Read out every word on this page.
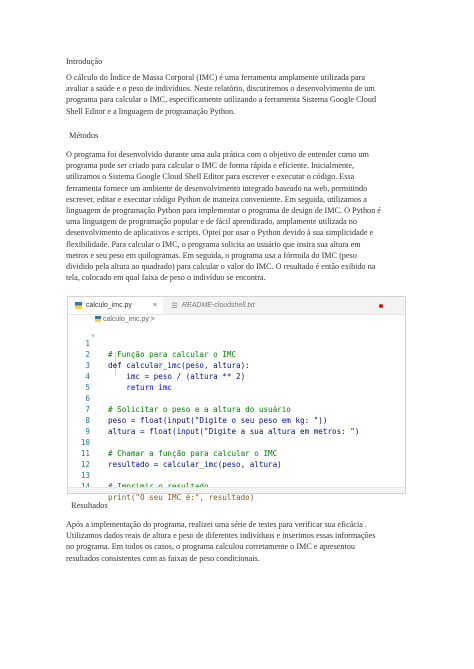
Introdução
O cálculo do Índice de Massa Corporal (IMC) é uma ferramenta amplamente utilizada para
avaliar a saúde e o peso de indivíduos. Neste relatório, discutiremos o desenvolvimento de um
programa para calcular o IMC, especificamente utilizando a ferramenta Sistema Google Cloud
Shell Editor e a linguagem de programação Python.
Métodos
O programa foi desenvolvido durante uma aula prática com o objetivo de entender como um
programa pode ser criado para calcular o IMC de forma rápida e eficiente. Inicialmente,
utilizamos o Sistema Google Cloud Shell Editor para escrever e executar o código. Essa
ferramenta fornece um ambiente de desenvolvimento integrado baseado na web, permitindo
escrever, editar e executar código Python de maneira conveniente. Em seguida, utilizamos a
linguagem de programação Python para implementar o programa de design de IMC. O Python é
uma linguagem de programação popular e de fácil aprendizado, amplamente utilizada no
desenvolvimento de aplicativos e scripts. Optei por usar o Python devido à sua simplicidade e
flexibilidade. Para calcular o IMC, o programa solicita ao usuário que insira sua altura em
metros e seu peso em quilogramas. Em seguida, o programa usa a fórmula do IMC (peso
dividido pela altura ao quadrado) para calcular o valor do IMC. O resultado é então exibido na
tela, colocado em qual faixa de peso o indivíduo se encontra.
calculo_imc.py	×	README-cloudshell.txt
calculo_imc.py >
⌄

1

# Função para calcular o IMC

2

def calcular_imc(peso, altura):

3

imc = peso / (altura ** 2)

4

return imc

5

6

# Solicitar o peso e a altura do usuário

7

peso = float(input("Digite o seu peso em kg: "))

8

altura = float(input("Digite a sua altura em metros: ")

9

10

# Chamar a função para calcular o IMC

11

resultado = calcular_imc(peso, altura)

12

13

print("O seu IMC é:", resultado)

Resultados
Após a implementação do programa, realizei uma série de testes para verificar sua eficácia .
Utilizamos dados reais de altura e peso de diferentes indivíduos e inserimos essas informações
no programa. Em todos os casos, o programa calculou corretamente o IMC e apresentou
resultados consistentes com as faixas de peso condicionais.
